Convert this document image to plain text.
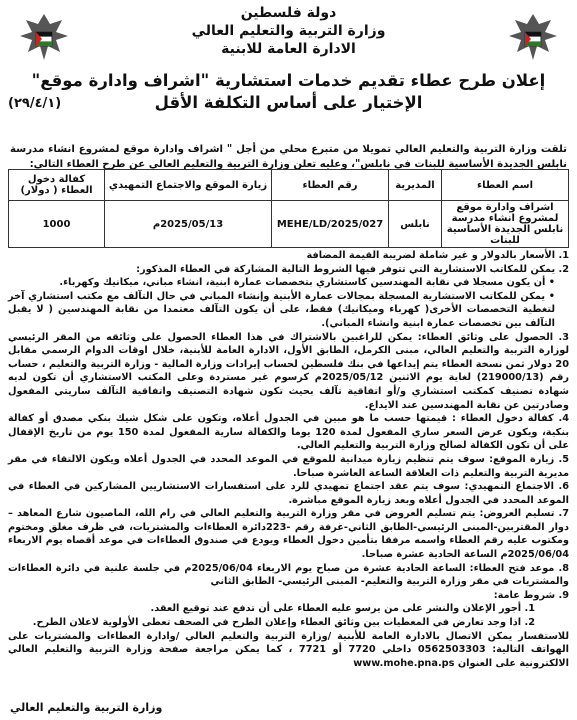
دولة فلسطين
وزارة التربية والتعليم العالي
الادارة العامة للابنية
إعلان طرح عطاء تقديم خدمات استشارية "اشراف وادارة موقع"
الإختيار على أساس التكلفة الأقل
(٢٩/٤/١)

تلقت وزارة التربية والتعليم العالي تمويلا من متبرع محلي من أجل " اشراف وادارة موقع لمشروع انشاء مدرسة نابلس الجديدة الأساسية للبنات في نابلس"، وعليه تعلن وزارة التربية والتعليم العالي عن طرح العطاء التالي:

اسم العطاء	المديرية	رقم العطاء	زيارة الموقع والاجتماع التمهيدي	كفالة دخول العطاء ( دولار)
اشراف وادارة موقع لمشروع انشاء مدرسة نابلس الجديدة الأساسية للبنات	نابلس	MEHE/LD/2025/027	2025/05/13م	1000

1. الأسعار بالدولار و غير شاملة لضريبة القيمة المضافة

2. يمكن للمكاتب الاستشارية التي تتوفر فيها الشروط التالية المشاركة في العطاء المذكور:

• أن يكون مسجلا في نقابة المهندسين كاستشاري بتخصصات عمارة ابنية، انشاء مباني، ميكانيك وكهرباء.

• يمكن للمكاتب الاستشارية المسجلة بمجالات عمارة الأبنية وإنشاء المباني في حال التآلف مع مكتب استشاري آخر لتغطية التخصصات الأخرى( كهرباء وميكانيك) فقط، على أن يكون التآلف معتمدا من نقابة المهندسين ( لا يقبل التآلف بين تخصصات عمارة ابنية وانشاء المباني).

3. الحصول على وثائق العطاء: يمكن للراغبين بالاشتراك في هذا العطاء الحصول على وثائقه من المقر الرئيسي لوزارة التربية والتعليم العالي، مبنى الكرمل، الطابق الأول، الادارة العامة للأبنية، خلال اوقات الدوام الرسمي مقابل 20 دولار ثمن نسخة العطاء يتم إيداعها في بنك فلسطين لحساب إيرادات وزارة المالية - وزارة التربية والتعليم ، حساب رقم (219000/13) لغاية يوم الاثنين 2025/05/12م كرسوم غير مستردة وعلى المكتب الاستشاري أن تكون لديه شهادة تصنيف كمكتب استشاري و/أو اتفاقية تآلف بحيث تكون شهادة التصنيف واتفاقية التآلف ساريتي المفعول وصادرتين عن نقابة المهندسين عند الايداع.

4. كفالة دخول العطاء : قيمتها حسب ما هو مبين في الجدول أعلاه، وتكون على شكل شيك بنكي مصدق أو كفالة بنكية، ويكون عرض السعر ساري المفعول لمدة 120 يوما والكفالة سارية المفعول لمدة 150 يوم من تاريخ الإقفال على أن تكون الكفالة لصالح وزارة التربية والتعليم العالي.

5. زيارة الموقع: سوف يتم تنظيم زيارة ميدانية للموقع في الموعد المحدد في الجدول أعلاه ويكون الالتقاء في مقر مديرية التربية والتعليم ذات العلاقة الساعة العاشرة صباحا.

6. الاجتماع التمهيدي: سوف يتم عقد اجتماع تمهيدي للرد على استفسارات الاستشاريين المشاركين في العطاء في الموعد المحدد في الجدول أعلاه وبعد زيارة الموقع مباشرة.

7. تسليم العروض: يتم تسليم العروض في مقر وزارة التربية والتعليم العالي في رام الله، الماصيون شارع المعاهد –دوار المقتربين-المبنى الرئيسي-الطابق الثاني-غرفة رقم -223دائرة العطاءات والمشتريات، في ظرف مغلق ومختوم ومكتوب عليه رقم العطاء واسمه مرفقا بتأمين دخول العطاء ويودع في صندوق العطاءات في موعد أقصاه يوم الاربعاء 2025/06/04م الساعة الحادية عشرة صباحا.

8. موعد فتح العطاء: الساعة الحادية عشرة من صباح يوم الاربعاء 2025/06/04م في جلسة علنية في دائرة العطاءات والمشتريات في مقر وزارة التربية والتعليم- المبنى الرئيسي- الطابق الثاني

9. شروط عامة:

1. أجور الإعلان والنشر على من يرسو عليه العطاء على أن تدفع عند توقيع العقد.

2. اذا وجد تعارض في المعطيات بين وثائق العطاء وإعلان الطرح في الصحف تعطى الأولوية لاعلان الطرح.

للاستفسار يمكن الاتصال بالادارة العامة للأبنية /وزارة التربية والتعليم العالي /وادارة العطاءات والمشتريات على الهواتف التالية: 0562503303 داخلي 7720 أو 7721 ، كما يمكن مراجعة صفحة وزارة التربية والتعليم العالي الالكترونية على العنوان www.mohe.pna.ps

وزارة التربية والتعليم العالي
